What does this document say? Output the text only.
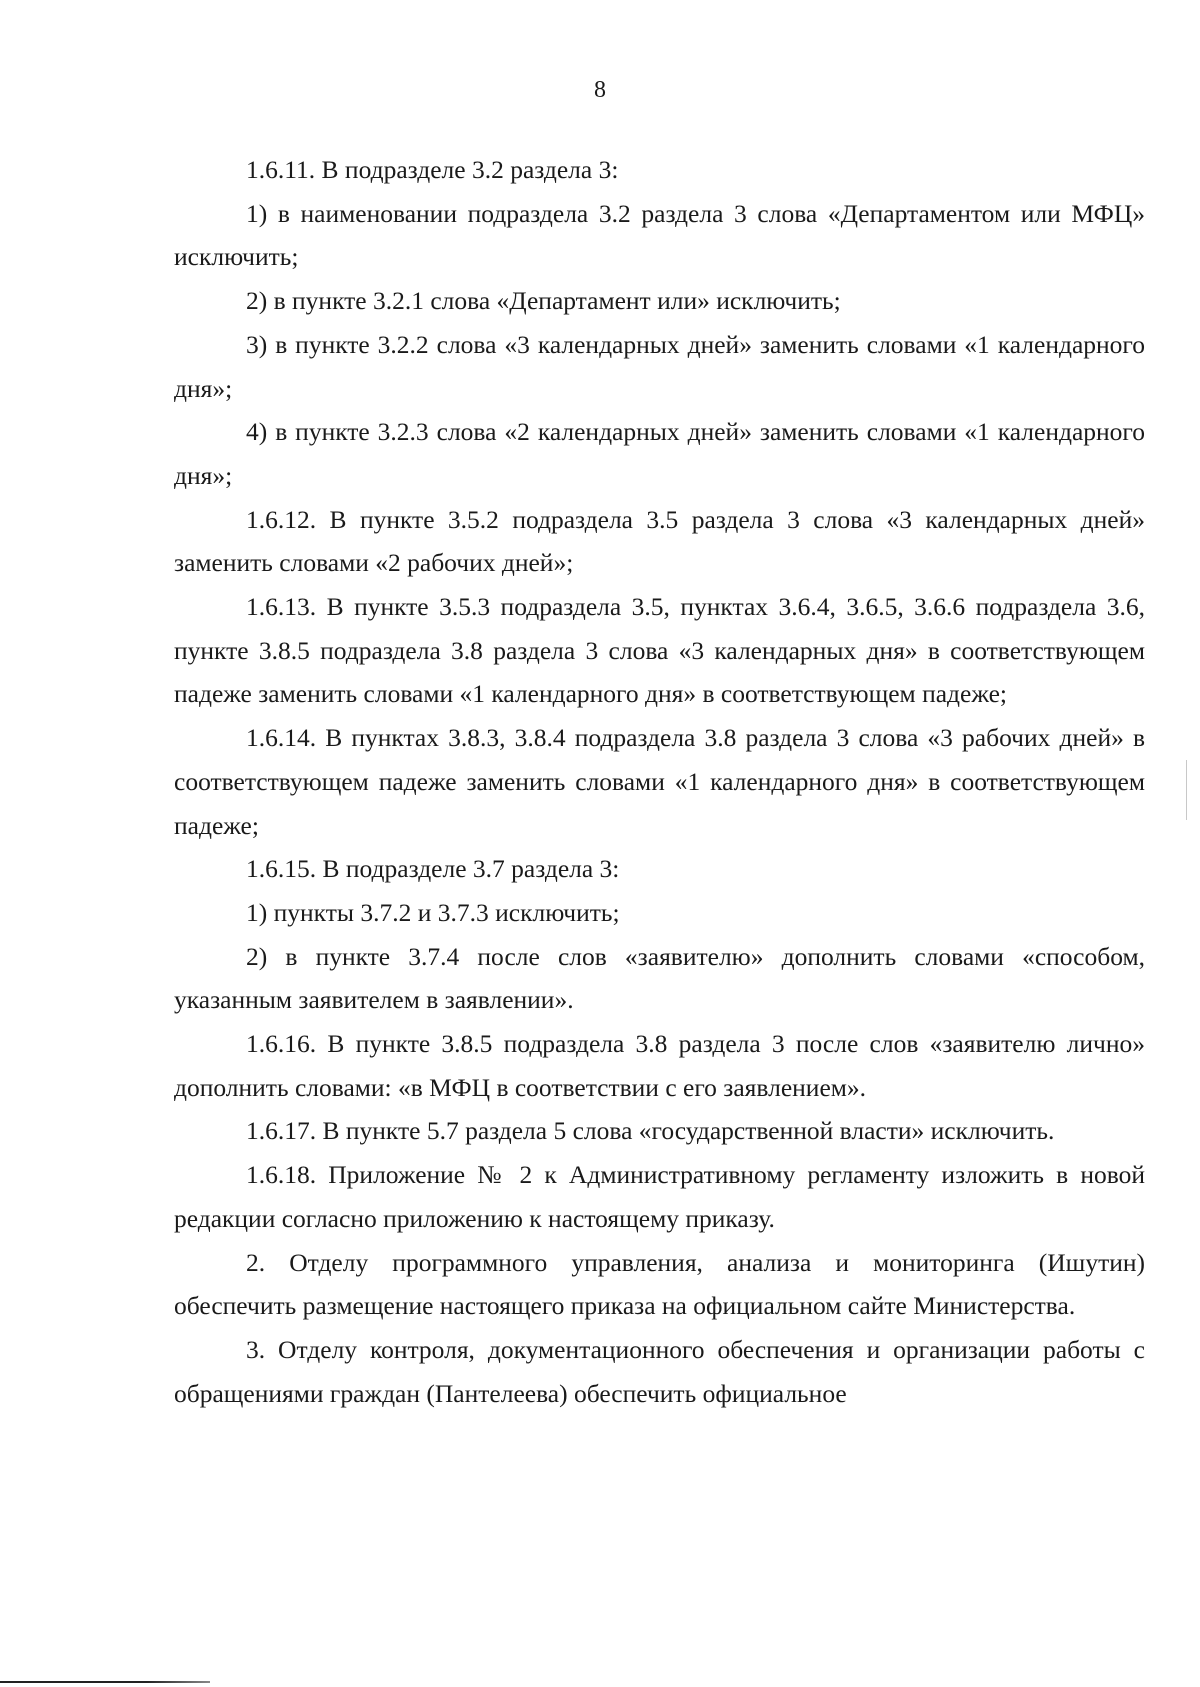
8

1.6.11. В подразделе 3.2 раздела 3:

1) в наименовании подраздела 3.2 раздела 3 слова «Департаментом или МФЦ» исключить;

2) в пункте 3.2.1 слова «Департамент или» исключить;

3) в пункте 3.2.2 слова «3 календарных дней» заменить словами «1 календарного дня»;

4) в пункте 3.2.3 слова «2 календарных дней» заменить словами «1 календарного дня»;

1.6.12. В пункте 3.5.2 подраздела 3.5 раздела 3 слова «3 календарных дней» заменить словами «2 рабочих дней»;

1.6.13. В пункте 3.5.3 подраздела 3.5, пунктах 3.6.4, 3.6.5, 3.6.6 подраздела 3.6, пункте 3.8.5 подраздела 3.8 раздела 3 слова «3 календарных дня» в соответствующем падеже заменить словами «1 календарного дня» в соответствующем падеже;

1.6.14. В пунктах 3.8.3, 3.8.4 подраздела 3.8 раздела 3 слова «3 рабочих дней» в соответствующем падеже заменить словами «1 календарного дня» в соответствующем падеже;

1.6.15. В подразделе 3.7 раздела 3:

1) пункты 3.7.2 и 3.7.3 исключить;

2) в пункте 3.7.4 после слов «заявителю» дополнить словами «способом, указанным заявителем в заявлении».

1.6.16. В пункте 3.8.5 подраздела 3.8 раздела 3 после слов «заявителю лично» дополнить словами: «в МФЦ в соответствии с его заявлением».

1.6.17. В пункте 5.7 раздела 5 слова «государственной власти» исключить.

1.6.18. Приложение № 2 к Административному регламенту изложить в новой редакции согласно приложению к настоящему приказу.

2. Отделу программного управления, анализа и мониторинга (Ишутин) обеспечить размещение настоящего приказа на официальном сайте Министерства.

3. Отделу контроля, документационного обеспечения и организации работы с обращениями граждан (Пантелеева) обеспечить официальное
